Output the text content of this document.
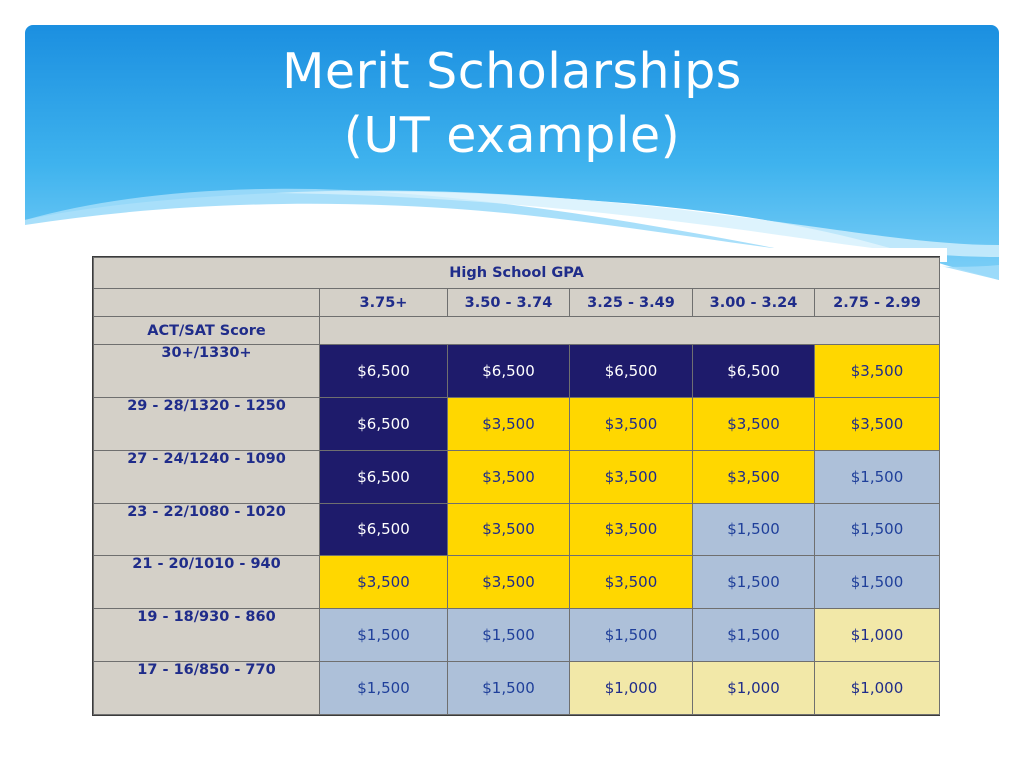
Merit Scholarships
(UT example)
High School GPA					
	3.75+	3.50 - 3.74	3.25 - 3.49	3.00 - 3.24	2.75 - 2.99
ACT/SAT Score					
30+/1330+	$6,500	$6,500	$6,500	$6,500	$3,500
29 - 28/1320 - 1250	$6,500	$3,500	$3,500	$3,500	$3,500
27 - 24/1240 - 1090	$6,500	$3,500	$3,500	$3,500	$1,500
23 - 22/1080 - 1020	$6,500	$3,500	$3,500	$1,500	$1,500
21 - 20/1010 - 940	$3,500	$3,500	$3,500	$1,500	$1,500
19 - 18/930 - 860	$1,500	$1,500	$1,500	$1,500	$1,000
17 - 16/850 - 770	$1,500	$1,500	$1,000	$1,000	$1,000
